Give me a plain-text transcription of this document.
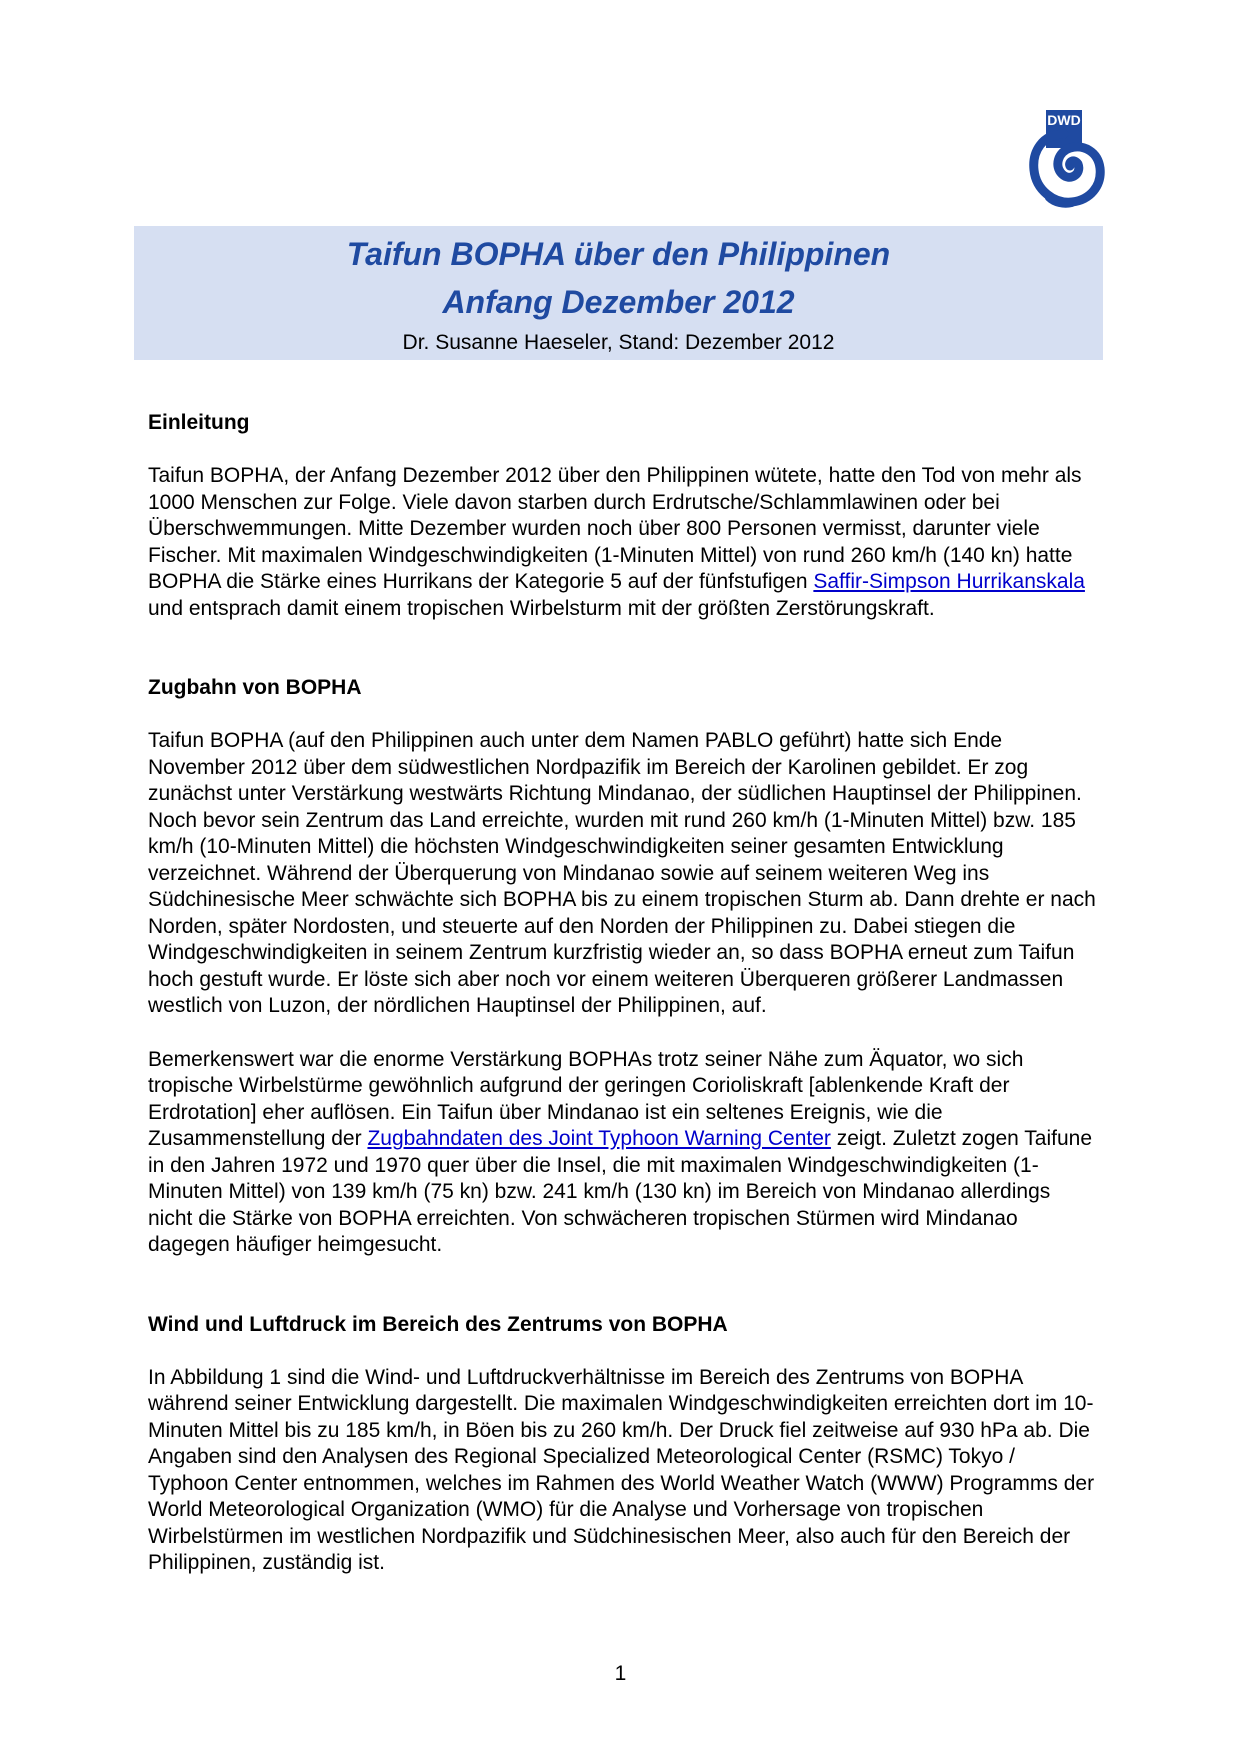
DWD
Taifun BOPHA über den Philippinen
Anfang Dezember 2012
Dr. Susanne Haeseler, Stand: Dezember 2012
Einleitung

Taifun BOPHA, der Anfang Dezember 2012 über den Philippinen wütete, hatte den Tod von mehr als 1000 Menschen zur Folge. Viele davon starben durch Erdrutsche/Schlammlawinen oder bei Überschwemmungen. Mitte Dezember wurden noch über 800 Personen vermisst, darunter viele Fischer. Mit maximalen Windgeschwindigkeiten (1-Minuten Mittel) von rund 260 km/h (140 kn) hatte BOPHA die Stärke eines Hurrikans der Kategorie 5 auf der fünfstufigen Saffir-Simpson Hurrikanskala und entsprach damit einem tropischen Wirbelsturm mit der größten Zerstörungskraft.

Zugbahn von BOPHA

Taifun BOPHA (auf den Philippinen auch unter dem Namen PABLO geführt) hatte sich Ende November 2012 über dem südwestlichen Nordpazifik im Bereich der Karolinen gebildet. Er zog zunächst unter Verstärkung westwärts Richtung Mindanao, der südlichen Hauptinsel der Philippinen. Noch bevor sein Zentrum das Land erreichte, wurden mit rund 260 km/h (1-Minuten Mittel) bzw. 185 km/h (10-Minuten Mittel) die höchsten Windgeschwindigkeiten seiner gesamten Entwicklung verzeichnet. Während der Überquerung von Mindanao sowie auf seinem weiteren Weg ins Südchinesische Meer schwächte sich BOPHA bis zu einem tropischen Sturm ab. Dann drehte er nach Norden, später Nordosten, und steuerte auf den Norden der Philippinen zu. Dabei stiegen die Windgeschwindigkeiten in seinem Zentrum kurzfristig wieder an, so dass BOPHA erneut zum Taifun hoch gestuft wurde. Er löste sich aber noch vor einem weiteren Überqueren größerer Landmassen westlich von Luzon, der nördlichen Hauptinsel der Philippinen, auf.

Bemerkenswert war die enorme Verstärkung BOPHAs trotz seiner Nähe zum Äquator, wo sich tropische Wirbelstürme gewöhnlich aufgrund der geringen Corioliskraft [ablenkende Kraft der Erdrotation] eher auflösen. Ein Taifun über Mindanao ist ein seltenes Ereignis, wie die Zusammenstellung der Zugbahndaten des Joint Typhoon Warning Center zeigt. Zuletzt zogen Taifune in den Jahren 1972 und 1970 quer über die Insel, die mit maximalen Windgeschwindigkeiten (1-Minuten Mittel) von 139 km/h (75 kn) bzw. 241 km/h (130 kn) im Bereich von Mindanao allerdings nicht die Stärke von BOPHA erreichten. Von schwächeren tropischen Stürmen wird Mindanao dagegen häufiger heimgesucht.

Wind und Luftdruck im Bereich des Zentrums von BOPHA

In Abbildung 1 sind die Wind- und Luftdruckverhältnisse im Bereich des Zentrums von BOPHA während seiner Entwicklung dargestellt. Die maximalen Windgeschwindigkeiten erreichten dort im 10-Minuten Mittel bis zu 185 km/h, in Böen bis zu 260 km/h. Der Druck fiel zeitweise auf 930 hPa ab. Die Angaben sind den Analysen des Regional Specialized Meteorological Center (RSMC) Tokyo / Typhoon Center entnommen, welches im Rahmen des World Weather Watch (WWW) Programms der World Meteorological Organization (WMO) für die Analyse und Vorhersage von tropischen Wirbelstürmen im westlichen Nordpazifik und Südchinesischen Meer, also auch für den Bereich der Philippinen, zuständig ist.

1
